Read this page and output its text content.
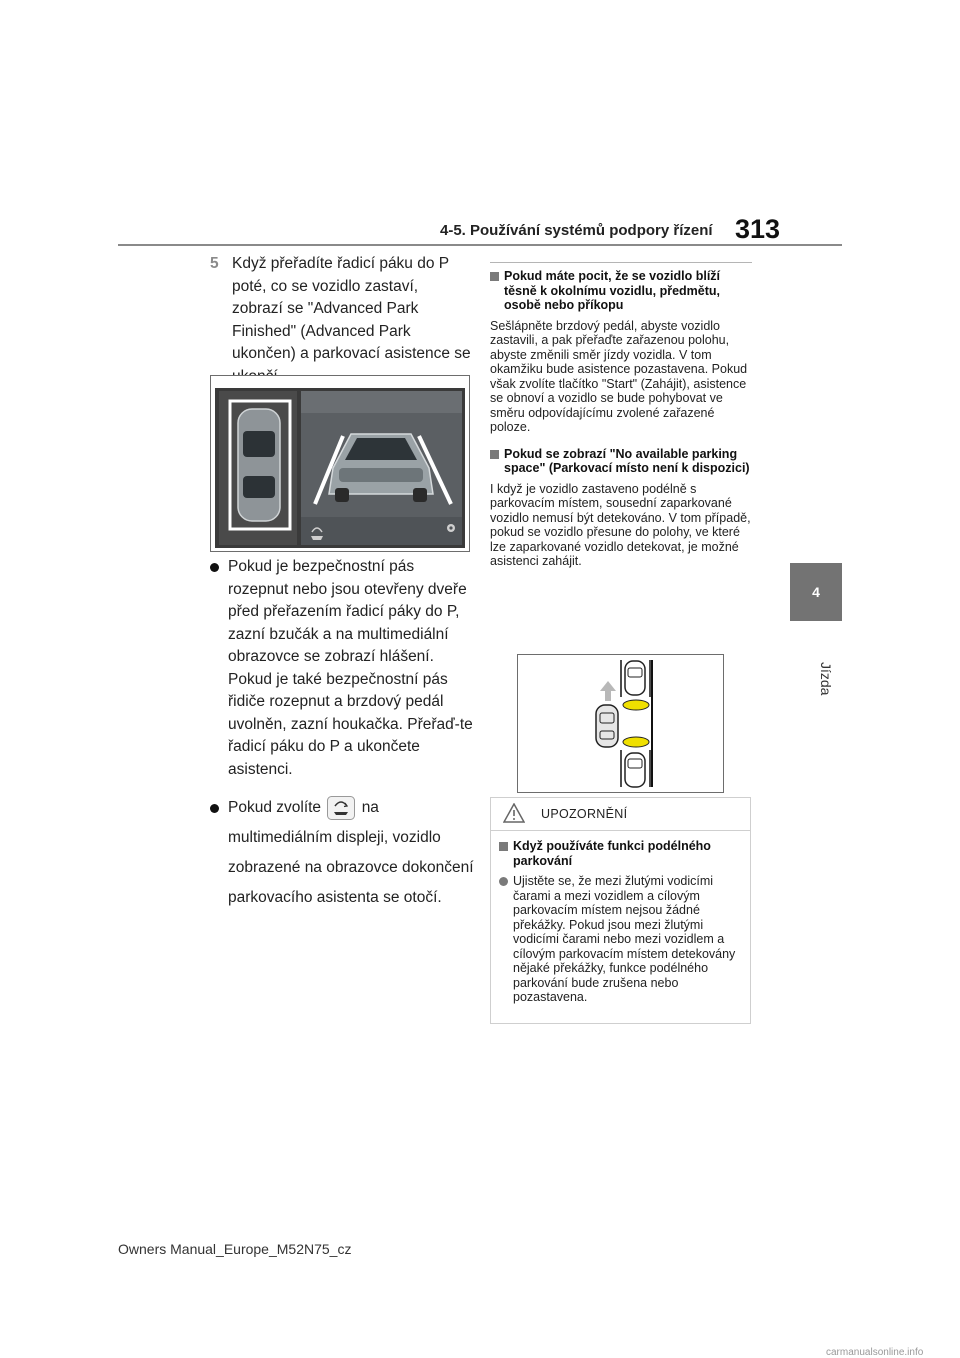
4-5. Používání systémů podpory řízení 313
4
Jízda
5 Když přeřadíte řadicí páku do P poté, co se vozidlo zastaví, zobrazí se "Advanced Park Finished" (Advanced Park ukončen) a parkovací asistence se
Pokud je bezpečnostní pás rozepnut nebo jsou otevřeny dveře před přeřazením řadicí páky do P, zazní bzučák a na multimediální obrazovce se zobrazí hlášení. Pokud je také bezpečnostní pás řidiče rozepnut a brzdový pedál uvolněn, zazní houkačka. Přeřaď-te řadicí páku do P a ukončete asistenci.
Pokud zvolíte	na multimediálním displeji, vozidlo zobrazené na obrazovce dokončení parkovacího asistenta se otočí.
Pokud máte pocit, že se vozidlo blíží těsně k okolnímu vozidlu, předmětu, osobě nebo příkopu
Sešlápněte brzdový pedál, abyste vozidlo zastavili, a pak přeřaďte zařazenou polohu, abyste změnili směr jízdy vozidla. V tom okamžiku bude asistence pozastavena. Pokud však zvolíte tlačítko "Start" (Zahájit), asistence se obnoví a vozidlo se bude pohybovat ve směru odpovídajícímu zvolené zařazené poloze.
Pokud se zobrazí "No available parking space" (Parkovací místo není k dispozici)
I když je vozidlo zastaveno podélně s parkovacím místem, sousední zaparkované vozidlo nemusí být detekováno. V tom případě, pokud se vozidlo přesune do polohy, ve které lze zaparkované vozidlo detekovat, je možné asistenci zahájit.
UPOZORNĚNÍ
Když používáte funkci podélného parkování
Ujistěte se, že mezi žlutými vodicími čarami a mezi vozidlem a cílovým parkovacím místem nejsou žádné překážky. Pokud jsou mezi žlutými vodicími čarami nebo mezi vozidlem a cílovým parkovacím místem detekovány nějaké překážky, funkce podélného parkování bude zrušena nebo pozastavena.
Owners Manual_Europe_M52N75_cz
carmanualsonline.info
